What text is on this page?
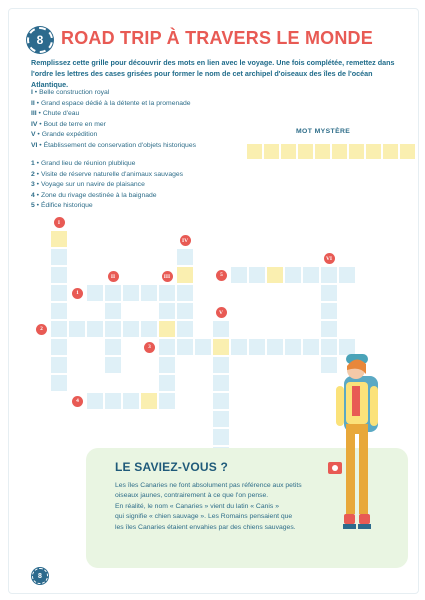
8 ROAD TRIP À TRAVERS LE MONDE
Remplissez cette grille pour découvrir des mots en lien avec le voyage. Une fois complétée, remettez dans l'ordre les lettres des cases grisées pour former le nom de cet archipel d'oiseaux des îles de l'océan Atlantique.
I • Belle construction royal
II • Grand espace dédié à la détente et la promenade
III • Chute d'eau
IV • Bout de terre en mer
V • Grande expédition
VI • Établissement de conservation d'objets historiques
1 • Grand lieu de réunion plublique
2 • Visite de réserve naturelle d'animaux sauvages
3 • Voyage sur un navire de plaisance
4 • Zone du rivage destinée à la baignade
5 • Édifice historique
MOT MYSTÈRE
I
II	III
IV
V
VI
1
2
3
4
5
LE SAVIEZ-VOUS ?
Les îles Canaries ne font absolument pas référence aux petits
oiseaux jaunes, contrairement à ce que l'on pense.
En réalité, le nom « Canaries » vient du latin « Canis »
qui signifie « chien sauvage ». Les Romains pensaient que
les îles Canaries étaient envahies par des chiens sauvages.
8
